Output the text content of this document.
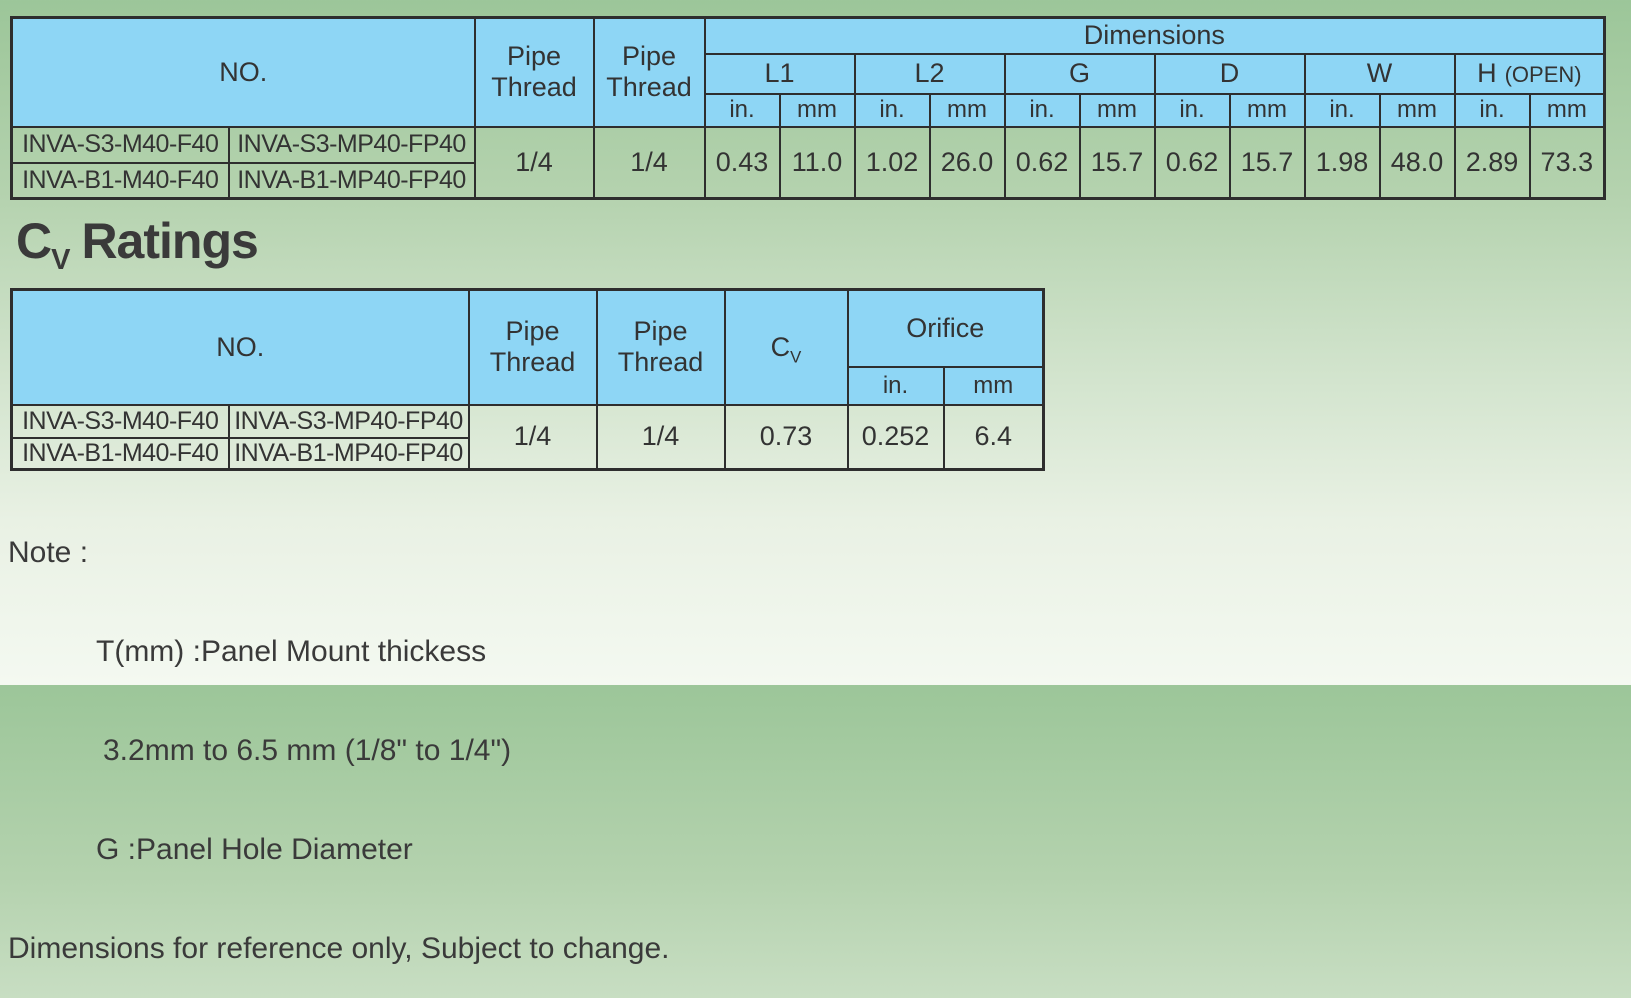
NO.		Pipe Thread	Pipe Thread	Dimensions											
				L1		L2		G		D		W		H (OPEN)	
				in.	mm	in.	mm	in.	mm	in.	mm	in.	mm	in.	mm
INVA-S3-M40-F40	INVA-S3-MP40-FP40	1/4	1/4	0.43	11.0	1.02	26.0	0.62	15.7	0.62	15.7	1.98	48.0	2.89	73.3
INVA-B1-M40-F40	INVA-B1-MP40-FP40														
$C_V$ Ratings
NO.		Pipe Thread	Pipe Thread	$C_V$	Orifice	
					in.	mm
INVA-S3-M40-F40	INVA-S3-MP40-FP40	1/4	1/4	0.73	0.252	6.4
INVA-B1-M40-F40	INVA-B1-MP40-FP40					

Note :

T(mm) :Panel Mount thickess

3.2mm to 6.5 mm (1/8" to 1/4")

G :Panel Hole Diameter

Dimensions for reference only, Subject to change.
